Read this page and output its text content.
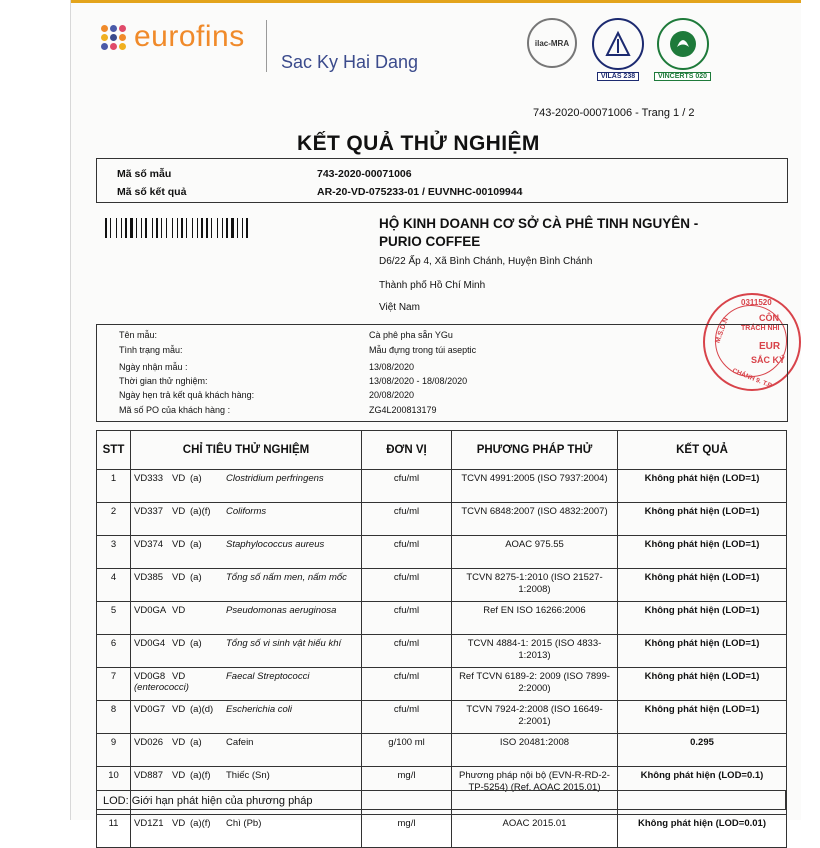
eurofins
Sac Ky Hai Dang
ilac-MRA
VILAS 238	VINCERTS 020
743-2020-00071006 - Trang 1 / 2
KẾT QUẢ THỬ NGHIỆM
Mã số mẫu	743-2020-00071006
Mã số kết quả	AR-20-VD-075233-01 / EUVNHC-00109944
HỘ KINH DOANH CƠ SỞ CÀ PHÊ TINH NGUYÊN - PURIO COFFEE
D6/22 Ấp 4, Xã Bình Chánh, Huyện Bình Chánh
Thành phố Hồ Chí Minh
Việt Nam	0311520
M.S.D.N	CÔN
TRÁCH NHI
EUR
SẮC KÝ
CHÁNH 9. T.P
Tên mẫu:	Cà phê pha sẵn YGu
Tình trạng mẫu:	Mẫu đựng trong túi aseptic
Ngày nhận mẫu :	13/08/2020
Thời gian thử nghiệm:	13/08/2020 - 18/08/2020
Ngày hẹn trả kết quả khách hàng:	20/08/2020
Mã số PO của khách hàng :	ZG4L200813179
STT	CHỈ TIÊU THỬ NGHIỆM	ĐƠN VỊ	PHƯƠNG PHÁP THỬ	KẾT QUẢ
1	VD333 VD (a) Clostridium perfringens	cfu/ml	TCVN 4991:2005 (ISO 7937:2004)	Không phát hiện (LOD=1)
2	VD337 VD (a)(f) Coliforms	cfu/ml	TCVN 6848:2007 (ISO 4832:2007)	Không phát hiện (LOD=1)
3	VD374 VD (a) Staphylococcus aureus	cfu/ml	AOAC 975.55	Không phát hiện (LOD=1)
4	VD385 VD (a) Tổng số nấm men, nấm mốc	cfu/ml	TCVN 8275-1:2010 (ISO 21527-1:2008)	Không phát hiện (LOD=1)
5	VD0GA VD Pseudomonas aeruginosa	cfu/ml	Ref EN ISO 16266:2006	Không phát hiện (LOD=1)
6	VD0G4 VD (a) Tổng số vi sinh vật hiếu khí	cfu/ml	TCVN 4884-1: 2015 (ISO 4833-1:2013)	Không phát hiện (LOD=1)
7	VD0G8 VD Faecal Streptococci (enterococci)	cfu/ml	Ref TCVN 6189-2: 2009 (ISO 7899-2:2000)	Không phát hiện (LOD=1)
8	VD0G7 VD (a)(d) Escherichia coli	cfu/ml	TCVN 7924-2:2008 (ISO 16649-2:2001)	Không phát hiện (LOD=1)
9	VD026 VD (a) Cafein	g/100 ml	ISO 20481:2008	0.295
10	VD887 VD (a)(f) Thiếc (Sn)	mg/l	Phương pháp nội bộ (EVN-R-RD-2-TP-5254) (Ref. AOAC 2015.01)	Không phát hiện (LOD=0.1)
11	VD1Z1 VD (a)(f) Chì (Pb)	mg/l	AOAC 2015.01	Không phát hiện (LOD=0.01)
LOD: Giới hạn phát hiện của phương pháp
